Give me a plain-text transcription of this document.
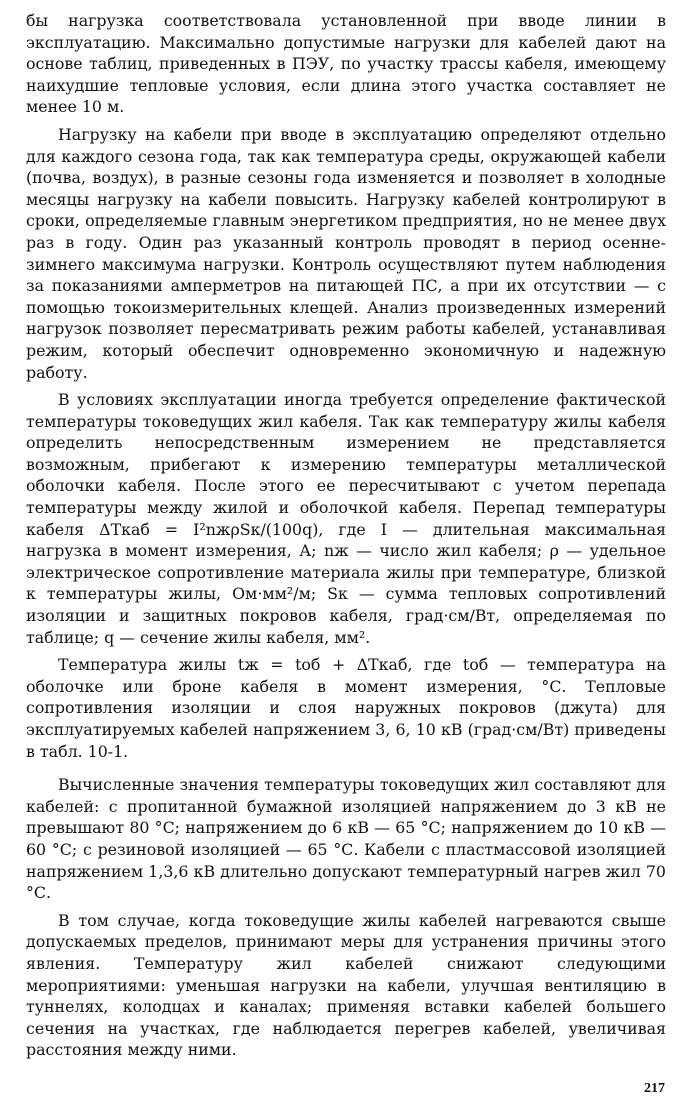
бы нагрузка соответствовала установленной при вводе линии в эксплуатацию. Максимально допустимые нагрузки для кабелей дают на основе таблиц, приведенных в ПЭУ, по участку трассы кабеля, имеющему наихудшие тепловые условия, если длина этого участка составляет не менее 10 м.

Нагрузку на кабели при вводе в эксплуатацию определяют отдельно для каждого сезона года, так как температура среды, окружающей кабели (почва, воздух), в разные сезоны года изменяется и позволяет в холодные месяцы нагрузку на кабели повысить. Нагрузку кабелей контролируют в сроки, определяемые главным энергетиком предприятия, но не менее двух раз в году. Один раз указанный контроль проводят в период осенне-зимнего максимума нагрузки. Контроль осуществляют путем наблюдения за показаниями амперметров на питающей ПС, а при их отсутствии — с помощью токоизмерительных клещей. Анализ произведенных измерений нагрузок позволяет пересматривать режим работы кабелей, устанавливая режим, который обеспечит одновременно экономичную и надежную работу.

В условиях эксплуатации иногда требуется определение фактической температуры токоведущих жил кабеля. Так как температуру жилы кабеля определить непосредственным измерением не представляется возможным, прибегают к измерению температуры металлической оболочки кабеля. После этого ее пересчитывают с учетом перепада температуры между жилой и оболочкой кабеля. Перепад температуры кабеля ΔTкаб = I²nжρSк/(100q), где I — длительная максимальная нагрузка в момент измерения, А; nж — число жил кабеля; ρ — удельное электрическое сопротивление материала жилы при температуре, близкой к температуры жилы, Ом·мм²/м; Sк — сумма тепловых сопротивлений изоляции и защитных покровов кабеля, град·см/Вт, определяемая по таблице; q — сечение жилы кабеля, мм².

Температура жилы tж = tоб + ΔTкаб, где tоб — температура на оболочке или броне кабеля в момент измерения, °С. Тепловые сопротивления изоляции и слоя наружных покровов (джута) для эксплуатируемых кабелей напряжением 3, 6, 10 кВ (град·см/Вт) приведены в табл. 10-1.

Вычисленные значения температуры токоведущих жил составляют для кабелей: с пропитанной бумажной изоляцией напряжением до 3 кВ не превышают 80 °С; напряжением до 6 кВ — 65 °С; напряжением до 10 кВ — 60 °С; с резиновой изоляцией — 65 °С. Кабели с пластмассовой изоляцией напряжением 1,3,6 кВ длительно допускают температурный нагрев жил 70 °С.

В том случае, когда токоведущие жилы кабелей нагреваются свыше допускаемых пределов, принимают меры для устранения причины этого явления. Температуру жил кабелей снижают следующими мероприятиями: уменьшая нагрузки на кабели, улучшая вентиляцию в туннелях, колодцах и каналах; применяя вставки кабелей большего сечения на участках, где наблюдается перегрев кабелей, увеличивая расстояния между ними.

217
